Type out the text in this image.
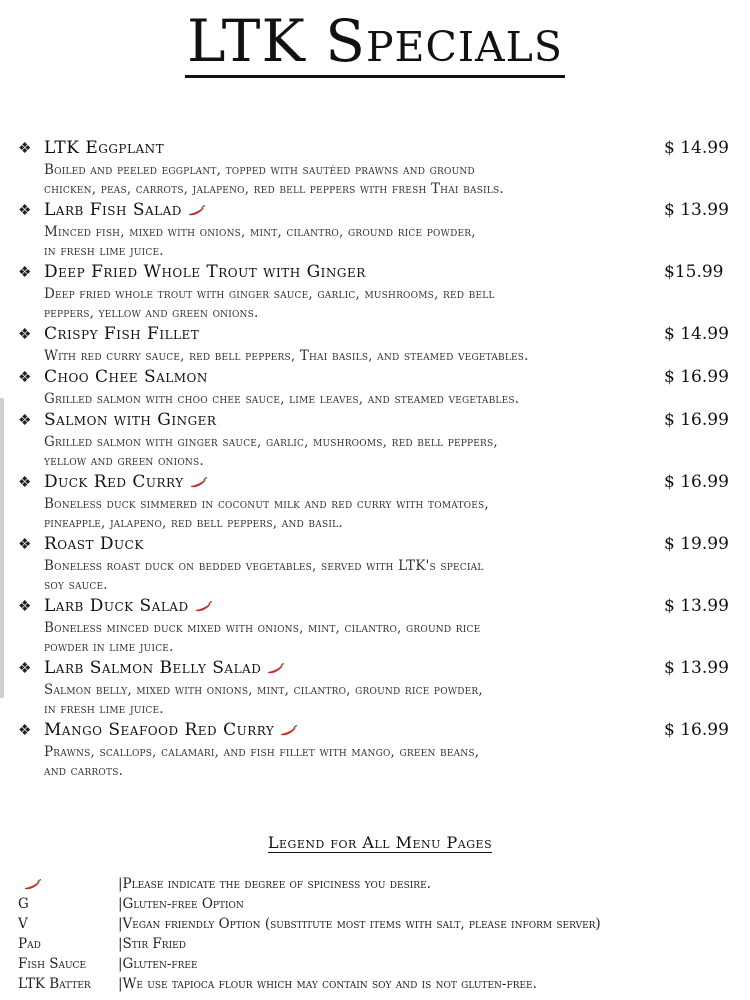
LTK Specials
❖ LTK Eggplant	$ 14.99
Boiled and peeled eggplant, topped with sautéed prawns and ground
chicken, peas, carrots, jalapeno, red bell peppers with fresh Thai basils.
❖ Larb Fish Salad	$ 13.99
Minced fish, mixed with onions, mint, cilantro, ground rice powder,
in fresh lime juice.
❖ Deep Fried Whole Trout with Ginger	$15.99
Deep fried whole trout with ginger sauce, garlic, mushrooms, red bell
peppers, yellow and green onions.
❖ Crispy Fish Fillet	$ 14.99
With red curry sauce, red bell peppers, Thai basils, and steamed vegetables.
❖ Choo Chee Salmon	$ 16.99
Grilled salmon with choo chee sauce, lime leaves, and steamed vegetables.
❖ Salmon with Ginger	$ 16.99
Grilled salmon with ginger sauce, garlic, mushrooms, red bell peppers,
yellow and green onions.
❖ Duck Red Curry	$ 16.99
Boneless duck simmered in coconut milk and red curry with tomatoes,
pineapple, jalapeno, red bell peppers, and basil.
❖ Roast Duck	$ 19.99
Boneless roast duck on bedded vegetables, served with LTK's special
soy sauce.
❖ Larb Duck Salad	$ 13.99
Boneless minced duck mixed with onions, mint, cilantro, ground rice
powder in lime juice.
❖ Larb Salmon Belly Salad	$ 13.99
Salmon belly, mixed with onions, mint, cilantro, ground rice powder,
in fresh lime juice.
❖ Mango Seafood Red Curry	$ 16.99
Prawns, scallops, calamari, and fish fillet with mango, green beans,
and carrots.
Legend for All Menu Pages
|Please indicate the degree of spiciness you desire.
G	|Gluten-free Option
V	|Vegan friendly Option (substitute most items with salt, please inform server)
Pad	|Stir Fried
Fish Sauce |Gluten-free
LTK Batter |We use tapioca flour which may contain soy and is not gluten-free.
